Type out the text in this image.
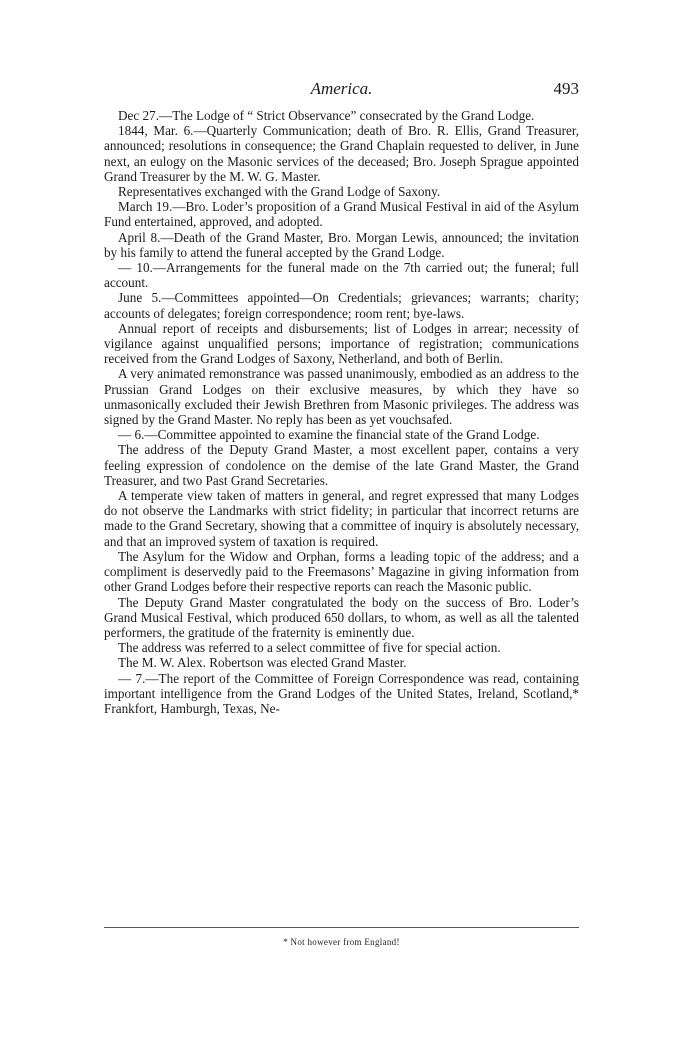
America.	493

Dec 27.—The Lodge of “ Strict Observance” consecrated by the Grand Lodge.

1844, Mar. 6.—Quarterly Communication; death of Bro. R. Ellis, Grand Treasurer, announced; resolutions in consequence; the Grand Chaplain requested to deliver, in June next, an eulogy on the Masonic services of the deceased; Bro. Joseph Sprague appointed Grand Treasurer by the M. W. G. Master.

Representatives exchanged with the Grand Lodge of Saxony.

March 19.—Bro. Loder’s proposition of a Grand Musical Festival in aid of the Asylum Fund entertained, approved, and adopted.

April 8.—Death of the Grand Master, Bro. Morgan Lewis, announced; the invitation by his family to attend the funeral accepted by the Grand Lodge.

— 10.—Arrangements for the funeral made on the 7th carried out; the funeral; full account.

June 5.—Committees appointed—On Credentials; grievances; warrants; charity; accounts of delegates; foreign correspondence; room rent; bye-laws.

Annual report of receipts and disbursements; list of Lodges in arrear; necessity of vigilance against unqualified persons; importance of registration; communications received from the Grand Lodges of Saxony, Netherland, and both of Berlin.

A very animated remonstrance was passed unanimously, embodied as an address to the Prussian Grand Lodges on their exclusive measures, by which they have so unmasonically excluded their Jewish Brethren from Masonic privileges. The address was signed by the Grand Master. No reply has been as yet vouchsafed.

— 6.—Committee appointed to examine the financial state of the Grand Lodge.

The address of the Deputy Grand Master, a most excellent paper, contains a very feeling expression of condolence on the demise of the late Grand Master, the Grand Treasurer, and two Past Grand Secretaries.

A temperate view taken of matters in general, and regret expressed that many Lodges do not observe the Landmarks with strict fidelity; in particular that incorrect returns are made to the Grand Secretary, showing that a committee of inquiry is absolutely necessary, and that an improved system of taxation is required.

The Asylum for the Widow and Orphan, forms a leading topic of the address; and a compliment is deservedly paid to the Freemasons’ Magazine in giving information from other Grand Lodges before their respective reports can reach the Masonic public.

The Deputy Grand Master congratulated the body on the success of Bro. Loder’s Grand Musical Festival, which produced 650 dollars, to whom, as well as all the talented performers, the gratitude of the fraternity is eminently due.

The address was referred to a select committee of five for special action.

The M. W. Alex. Robertson was elected Grand Master.

— 7.—The report of the Committee of Foreign Correspondence was read, containing important intelligence from the Grand Lodges of the United States, Ireland, Scotland,* Frankfort, Hamburgh, Texas, Ne-

* Not however from England!
